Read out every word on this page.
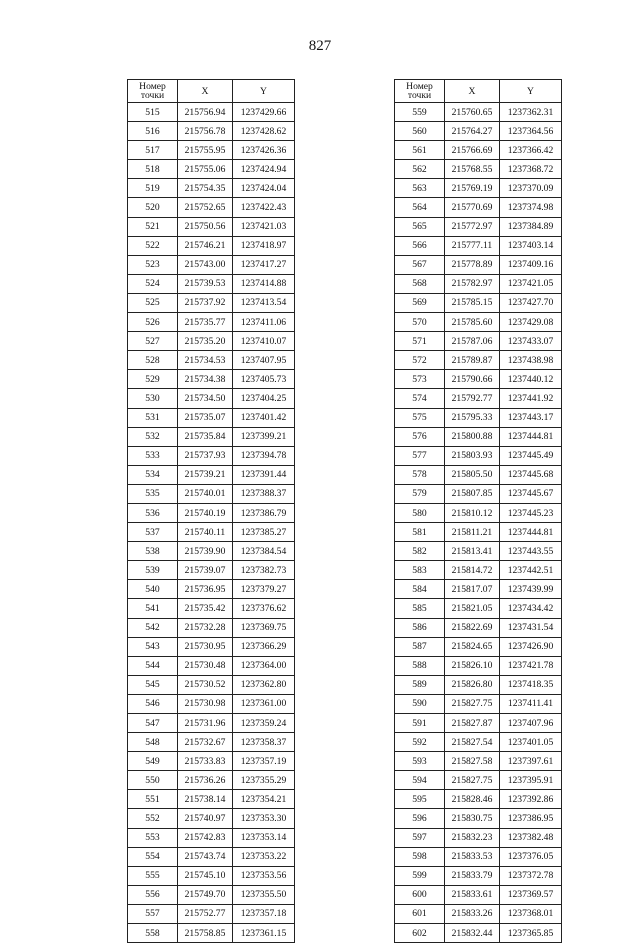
827
Номер
точки	X	Y
515	215756.94	1237429.66
516	215756.78	1237428.62
517	215755.95	1237426.36
518	215755.06	1237424.94
519	215754.35	1237424.04
520	215752.65	1237422.43
521	215750.56	1237421.03
522	215746.21	1237418.97
523	215743.00	1237417.27
524	215739.53	1237414.88
525	215737.92	1237413.54
526	215735.77	1237411.06
527	215735.20	1237410.07
528	215734.53	1237407.95
529	215734.38	1237405.73
530	215734.50	1237404.25
531	215735.07	1237401.42
532	215735.84	1237399.21
533	215737.93	1237394.78
534	215739.21	1237391.44
535	215740.01	1237388.37
536	215740.19	1237386.79
537	215740.11	1237385.27
538	215739.90	1237384.54
539	215739.07	1237382.73
540	215736.95	1237379.27
541	215735.42	1237376.62
542	215732.28	1237369.75
543	215730.95	1237366.29
544	215730.48	1237364.00
545	215730.52	1237362.80
546	215730.98	1237361.00
547	215731.96	1237359.24
548	215732.67	1237358.37
549	215733.83	1237357.19
550	215736.26	1237355.29
551	215738.14	1237354.21
552	215740.97	1237353.30
553	215742.83	1237353.14
554	215743.74	1237353.22
555	215745.10	1237353.56
556	215749.70	1237355.50
557	215752.77	1237357.18
558	215758.85	1237361.15
Номер
точки	X	Y
559	215760.65	1237362.31
560	215764.27	1237364.56
561	215766.69	1237366.42
562	215768.55	1237368.72
563	215769.19	1237370.09
564	215770.69	1237374.98
565	215772.97	1237384.89
566	215777.11	1237403.14
567	215778.89	1237409.16
568	215782.97	1237421.05
569	215785.15	1237427.70
570	215785.60	1237429.08
571	215787.06	1237433.07
572	215789.87	1237438.98
573	215790.66	1237440.12
574	215792.77	1237441.92
575	215795.33	1237443.17
576	215800.88	1237444.81
577	215803.93	1237445.49
578	215805.50	1237445.68
579	215807.85	1237445.67
580	215810.12	1237445.23
581	215811.21	1237444.81
582	215813.41	1237443.55
583	215814.72	1237442.51
584	215817.07	1237439.99
585	215821.05	1237434.42
586	215822.69	1237431.54
587	215824.65	1237426.90
588	215826.10	1237421.78
589	215826.80	1237418.35
590	215827.75	1237411.41
591	215827.87	1237407.96
592	215827.54	1237401.05
593	215827.58	1237397.61
594	215827.75	1237395.91
595	215828.46	1237392.86
596	215830.75	1237386.95
597	215832.23	1237382.48
598	215833.53	1237376.05
599	215833.79	1237372.78
600	215833.61	1237369.57
601	215833.26	1237368.01
602	215832.44	1237365.85
